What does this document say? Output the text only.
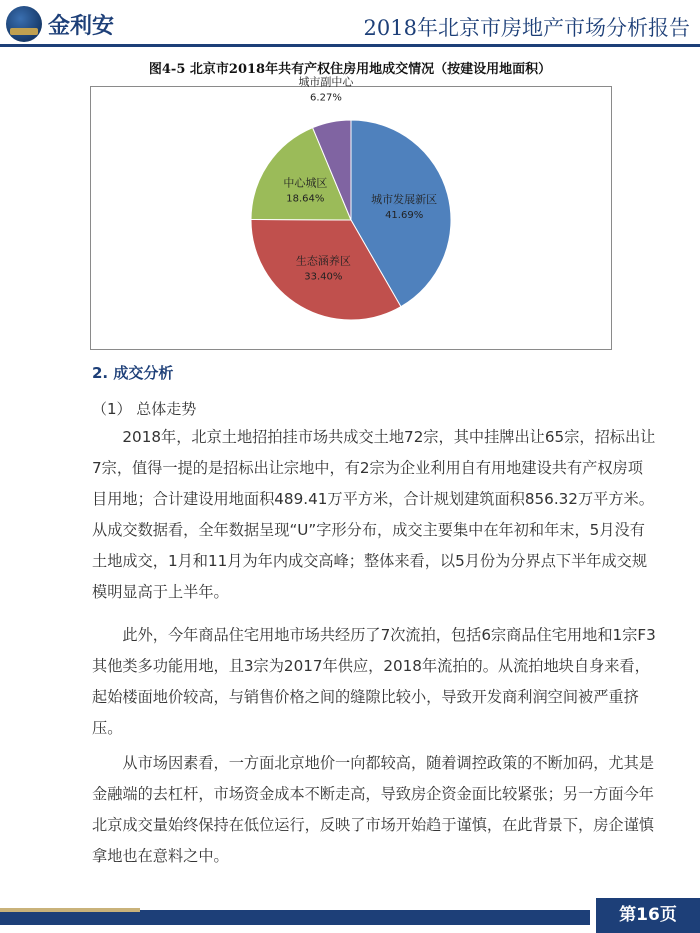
金利安	2018年北京市房地产市场分析报告
图4-5 北京市2018年共有产权住房用地成交情况（按建设用地面积）
城市发展新区
41.69%
生态涵养区
33.40%
中心城区
18.64%
城市副中心
6.27%
2. 成交分析
（1） 总体走势

2018年，北京土地招拍挂市场共成交土地72宗，其中挂牌出让65宗，招标出让7宗，值得一提的是招标出让宗地中，有2宗为企业利用自有用地建设共有产权房项目用地；合计建设用地面积489.41万平方米，合计规划建筑面积856.32万平方米。从成交数据看，全年数据呈现“U”字形分布，成交主要集中在年初和年末，5月没有土地成交，1月和11月为年内成交高峰；整体来看，以5月份为分界点下半年成交规模明显高于上半年。

此外，今年商品住宅用地市场共经历了7次流拍，包括6宗商品住宅用地和1宗F3其他类多功能用地，且3宗为2017年供应，2018年流拍的。从流拍地块自身来看，起始楼面地价较高，与销售价格之间的缝隙比较小，导致开发商利润空间被严重挤压。

从市场因素看，一方面北京地价一向都较高，随着调控政策的不断加码，尤其是金融端的去杠杆，市场资金成本不断走高，导致房企资金面比较紧张；另一方面今年北京成交量始终保持在低位运行，反映了市场开始趋于谨慎，在此背景下，房企谨慎拿地也在意料之中。

第16页
